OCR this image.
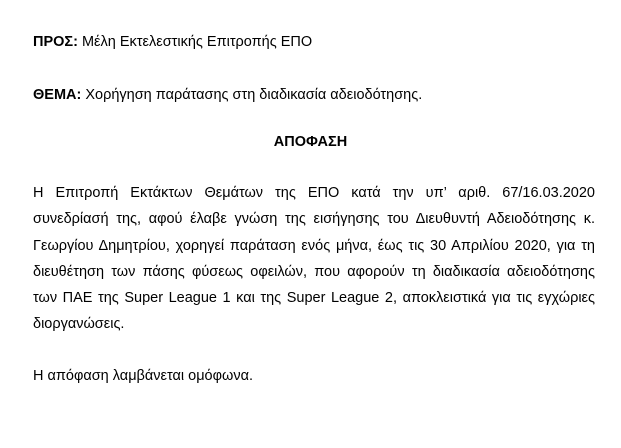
ΠΡΟΣ: Μέλη Εκτελεστικής Επιτροπής ΕΠΟ
ΘΕΜΑ: Χορήγηση παράτασης στη διαδικασία αδειοδότησης.
ΑΠΟΦΑΣΗ
Η Επιτροπή Εκτάκτων Θεμάτων της ΕΠΟ κατά την υπ’ αριθ. 67/16.03.2020
συνεδρίασή της, αφού έλαβε γνώση της εισήγησης του Διευθυντή Αδειοδότησης κ.
Γεωργίου Δημητρίου, χορηγεί παράταση ενός μήνα, έως τις 30 Απριλίου 2020, για τη
διευθέτηση των πάσης φύσεως οφειλών, που αφορούν τη διαδικασία αδειοδότησης
των ΠΑΕ της Super League 1 και της Super League 2, αποκλειστικά για τις εγχώριες
διοργανώσεις.
Η απόφαση λαμβάνεται ομόφωνα.
